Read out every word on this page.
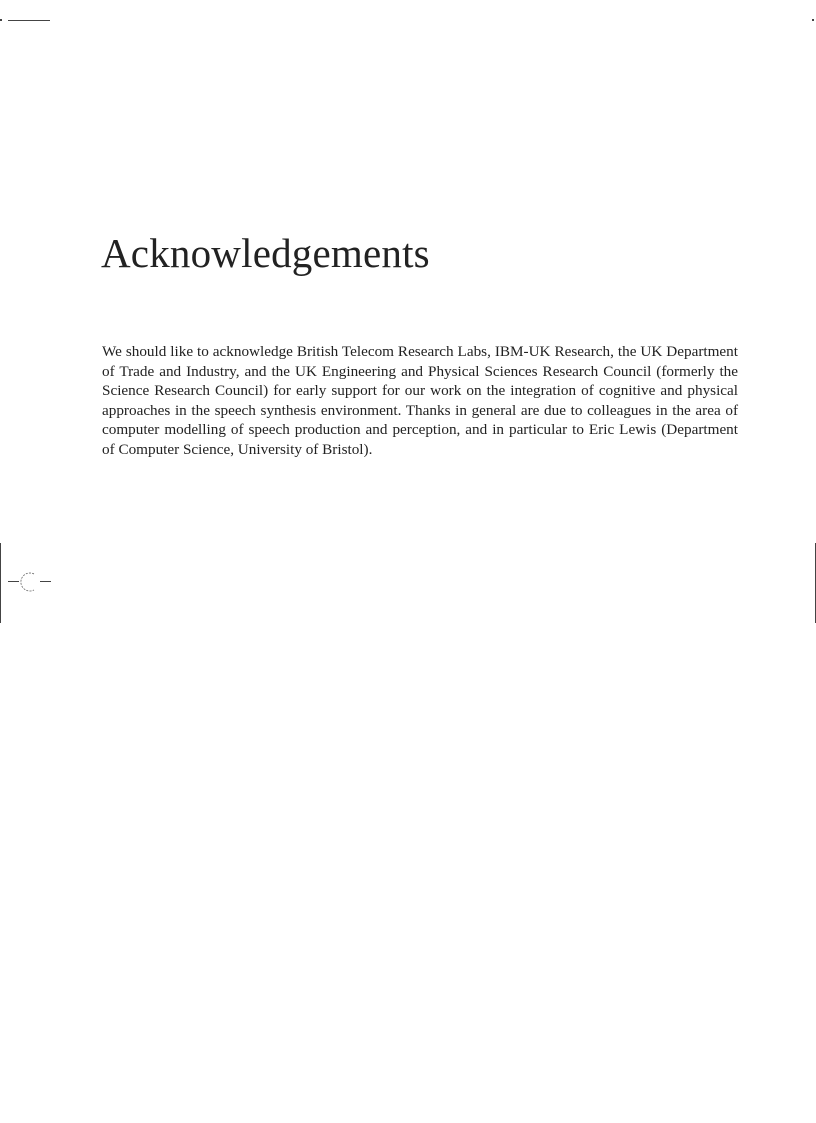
Acknowledgements

We should like to acknowledge British Telecom Research Labs, IBM-UK Research, the UK Department of Trade and Industry, and the UK Engineering and Physical Sciences Research Council (formerly the Science Research Council) for early support for our work on the integration of cognitive and physical approaches in the speech synthesis environment. Thanks in general are due to colleagues in the area of computer modelling of speech production and perception, and in particular to Eric Lewis (Department of Computer Science, University of Bristol).
